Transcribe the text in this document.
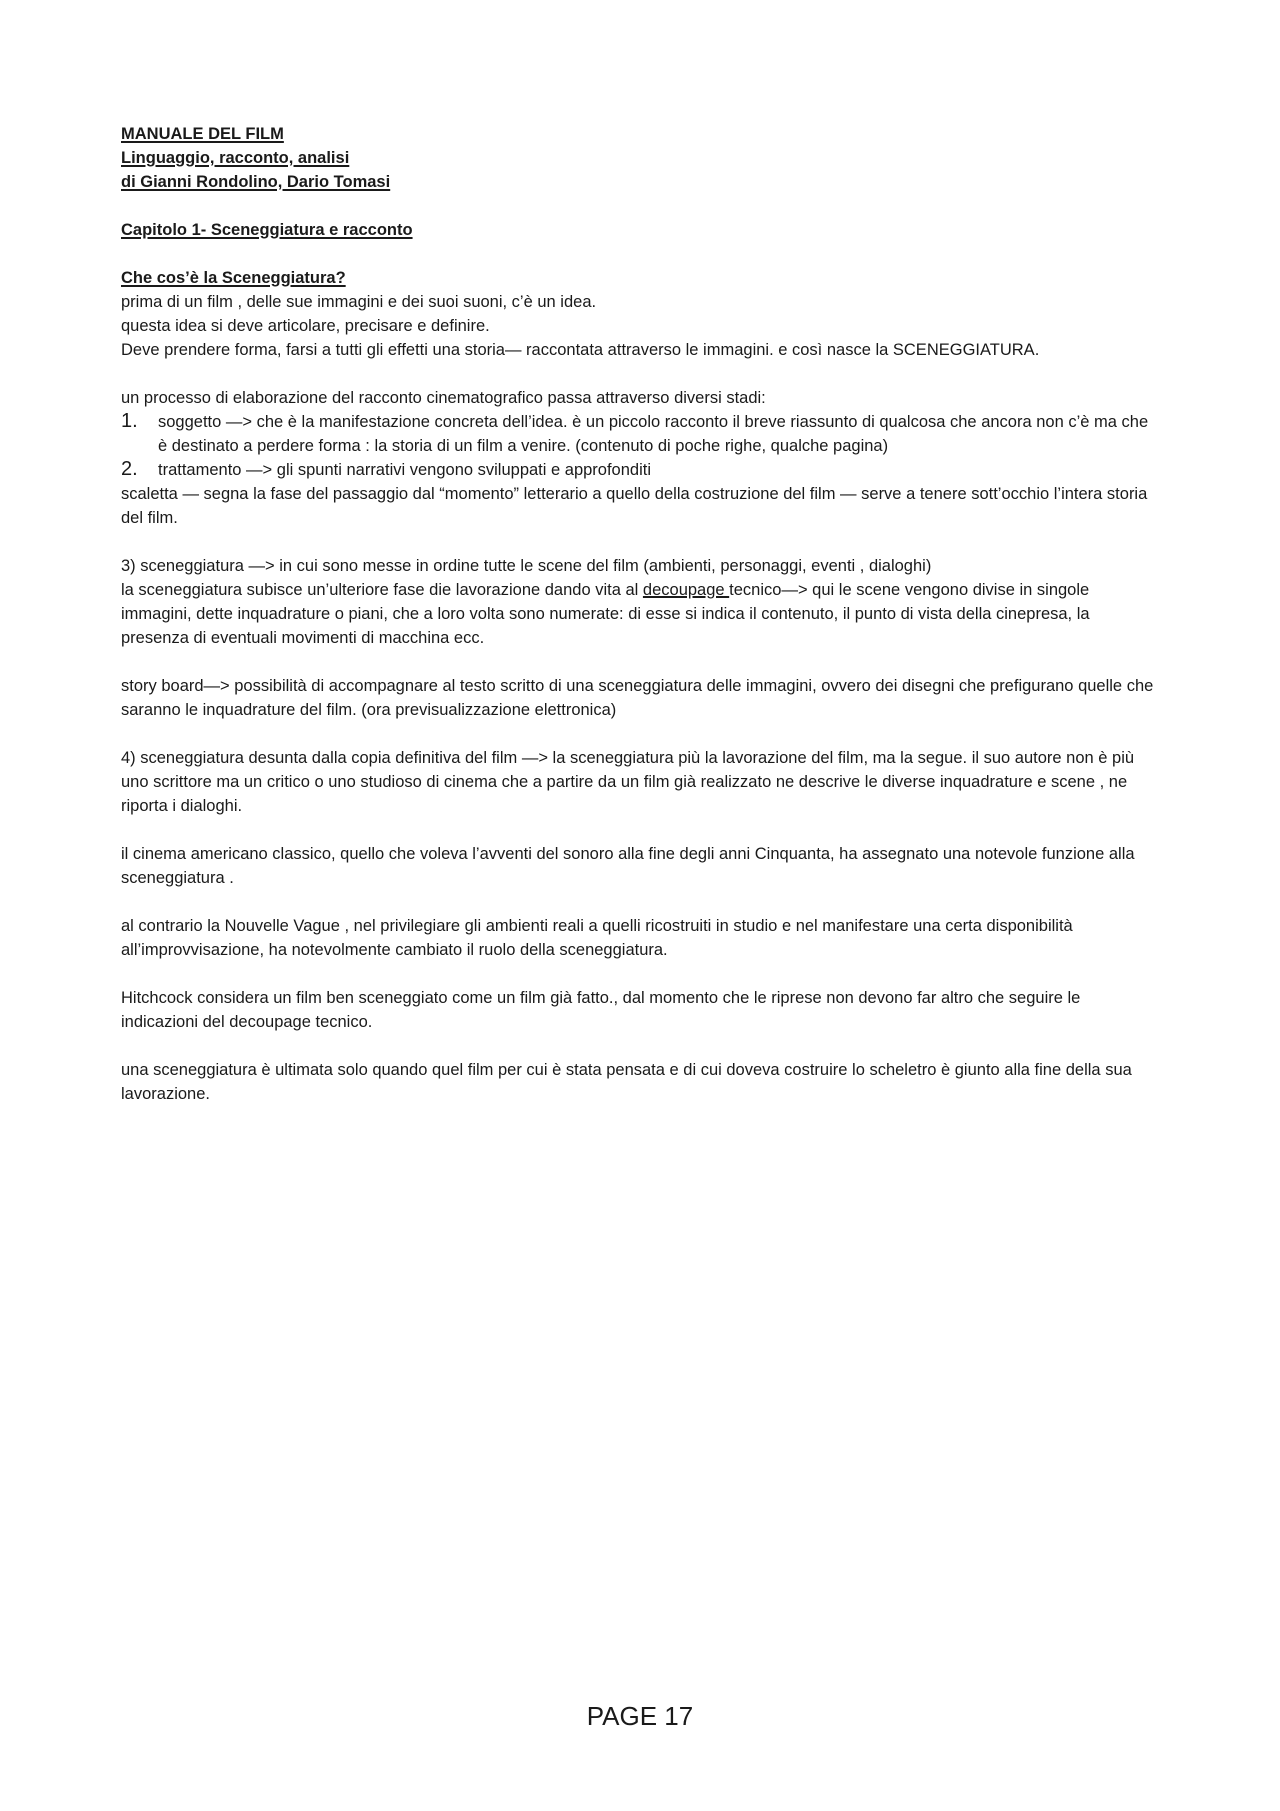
MANUALE DEL FILM
Linguaggio, racconto, analisi
di Gianni Rondolino, Dario Tomasi
Capitolo 1- Sceneggiatura e racconto
Che cos’è la Sceneggiatura?

prima di un film , delle sue immagini e dei suoi suoni, c’è un idea.

questa idea si deve articolare, precisare e definire.

Deve prendere forma, farsi a tutti gli effetti una storia— raccontata attraverso le immagini. e così nasce la SCENEGGIATURA.

un processo di elaborazione del racconto cinematografico passa attraverso diversi stadi:

1. soggetto —> che è la manifestazione concreta dell’idea. è un piccolo racconto il breve riassunto di qualcosa che ancora non c’è ma che è destinato a perdere forma : la storia di un film a venire. (contenuto di poche righe, qualche pagina)

2. trattamento —> gli spunti narrativi vengono sviluppati e approfonditi

scaletta — segna la fase del passaggio dal “momento” letterario a quello della costruzione del film — serve a tenere sott’occhio l’intera storia del film.

3) sceneggiatura —> in cui sono messe in ordine tutte le scene del film (ambienti, personaggi, eventi , dialoghi)

la sceneggiatura subisce un’ulteriore fase die lavorazione dando vita al decoupage tecnico—> qui le scene vengono divise in singole immagini, dette inquadrature o piani, che a loro volta sono numerate: di esse si indica il contenuto, il punto di vista della cinepresa, la presenza di eventuali movimenti di macchina ecc.

story board—> possibilità di accompagnare al testo scritto di una sceneggiatura delle immagini, ovvero dei disegni che prefigurano quelle che saranno le inquadrature del film. (ora previsualizzazione elettronica)

4) sceneggiatura desunta dalla copia definitiva del film —> la sceneggiatura più la lavorazione del film, ma la segue. il suo autore non è più uno scrittore ma un critico o uno studioso di cinema che a partire da un film già realizzato ne descrive le diverse inquadrature e scene , ne riporta i dialoghi.

il cinema americano classico, quello che voleva l’avventi del sonoro alla fine degli anni Cinquanta, ha assegnato una notevole funzione alla sceneggiatura .

al contrario la Nouvelle Vague , nel privilegiare gli ambienti reali a quelli ricostruiti in studio e nel manifestare una certa disponibilità all’improvvisazione, ha notevolmente cambiato il ruolo della sceneggiatura.

Hitchcock considera un film ben sceneggiato come un film già fatto., dal momento che le riprese non devono far altro che seguire le indicazioni del decoupage tecnico.

una sceneggiatura è ultimata solo quando quel film per cui è stata pensata e di cui doveva costruire lo scheletro è giunto alla fine della sua lavorazione.

PAGE 17
